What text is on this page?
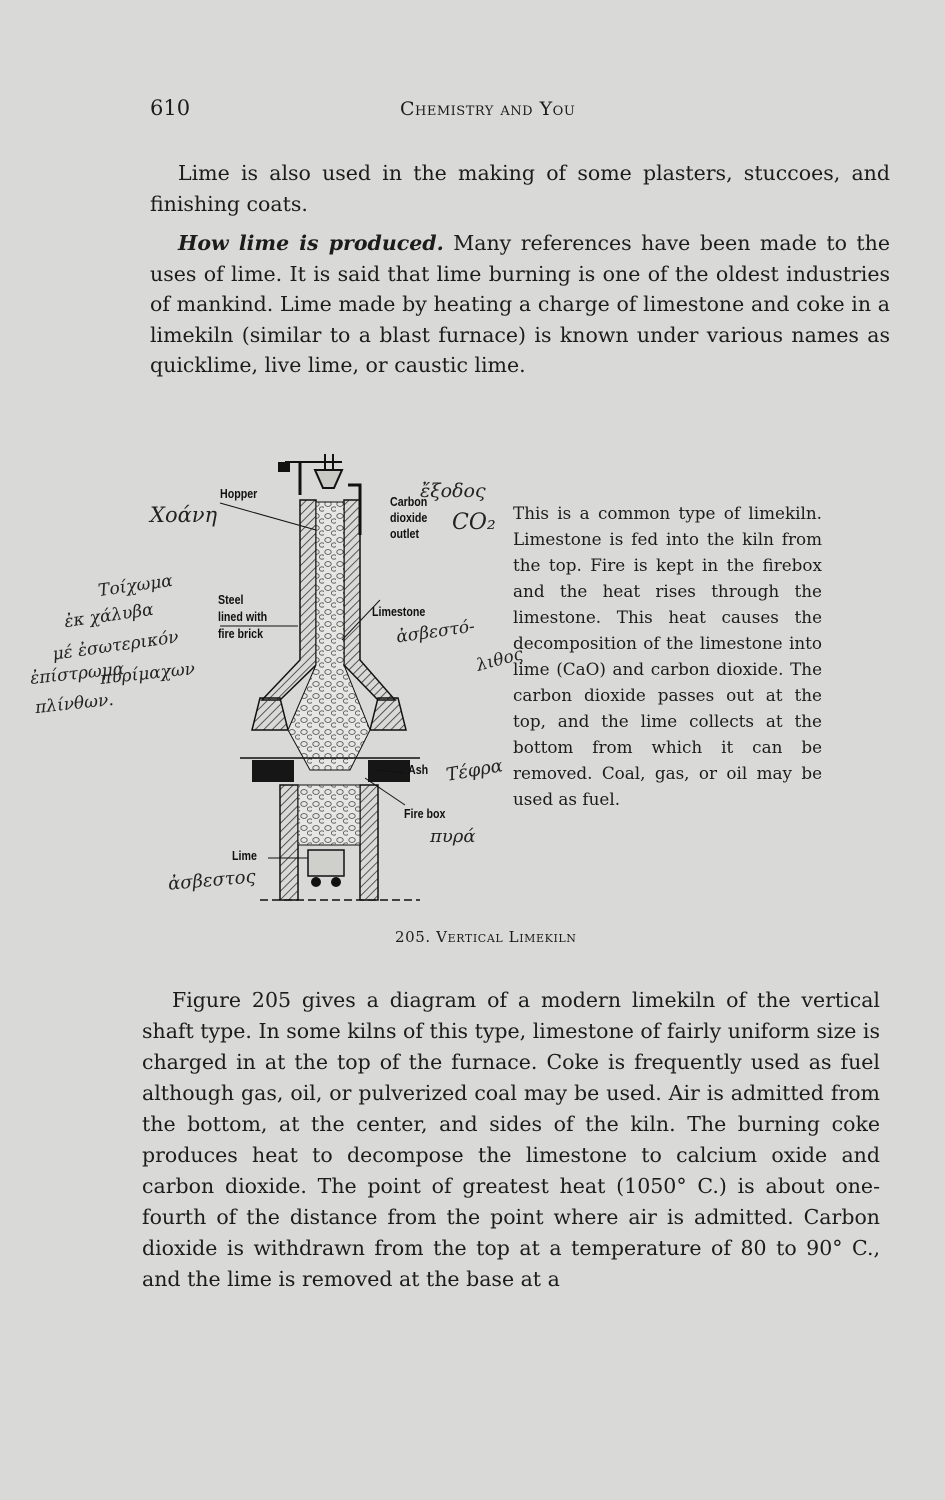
610	Chemistry and You

Lime is also used in the making of some plasters, stuccoes, and finishing coats.

How lime is produced. Many references have been made to the uses of lime. It is said that lime burning is one of the oldest industries of mankind. Lime made by heating a charge of limestone and coke in a limekiln (similar to a blast furnace) is known under various names as quicklime, live lime, or caustic lime.

Hopper
Carbon
dioxide
outlet
Steel
lined with
fire brick
Limestone
Ash
Fire box
Lime
Χοάνη
ἔξοδος
CO₂
Τοίχωμα
ἐκ χάλυβα
μέ ἐσωτερικόν
ἐπίστρωμα
πυρίμαχων
πλίνθων.
ἀσβεστό-
λιθος
Τέφρα
πυρά
ἀσβεστος

This is a common type of limekiln. Limestone is fed into the kiln from the top. Fire is kept in the firebox and the heat rises through the limestone. This heat causes the decomposition of the limestone into lime (CaO) and carbon dioxide. The carbon dioxide passes out at the top, and the lime collects at the bottom from which it can be removed. Coal, gas, or oil may be used as fuel.

205. Vertical Limekiln

Figure 205 gives a diagram of a modern limekiln of the vertical shaft type. In some kilns of this type, limestone of fairly uniform size is charged in at the top of the furnace. Coke is frequently used as fuel although gas, oil, or pulverized coal may be used. Air is admitted from the bottom, at the center, and sides of the kiln. The burning coke produces heat to decompose the limestone to calcium oxide and carbon dioxide. The point of greatest heat (1050° C.) is about one-fourth of the distance from the point where air is admitted. Carbon dioxide is withdrawn from the top at a temperature of 80 to 90° C., and the lime is removed at the base at a
